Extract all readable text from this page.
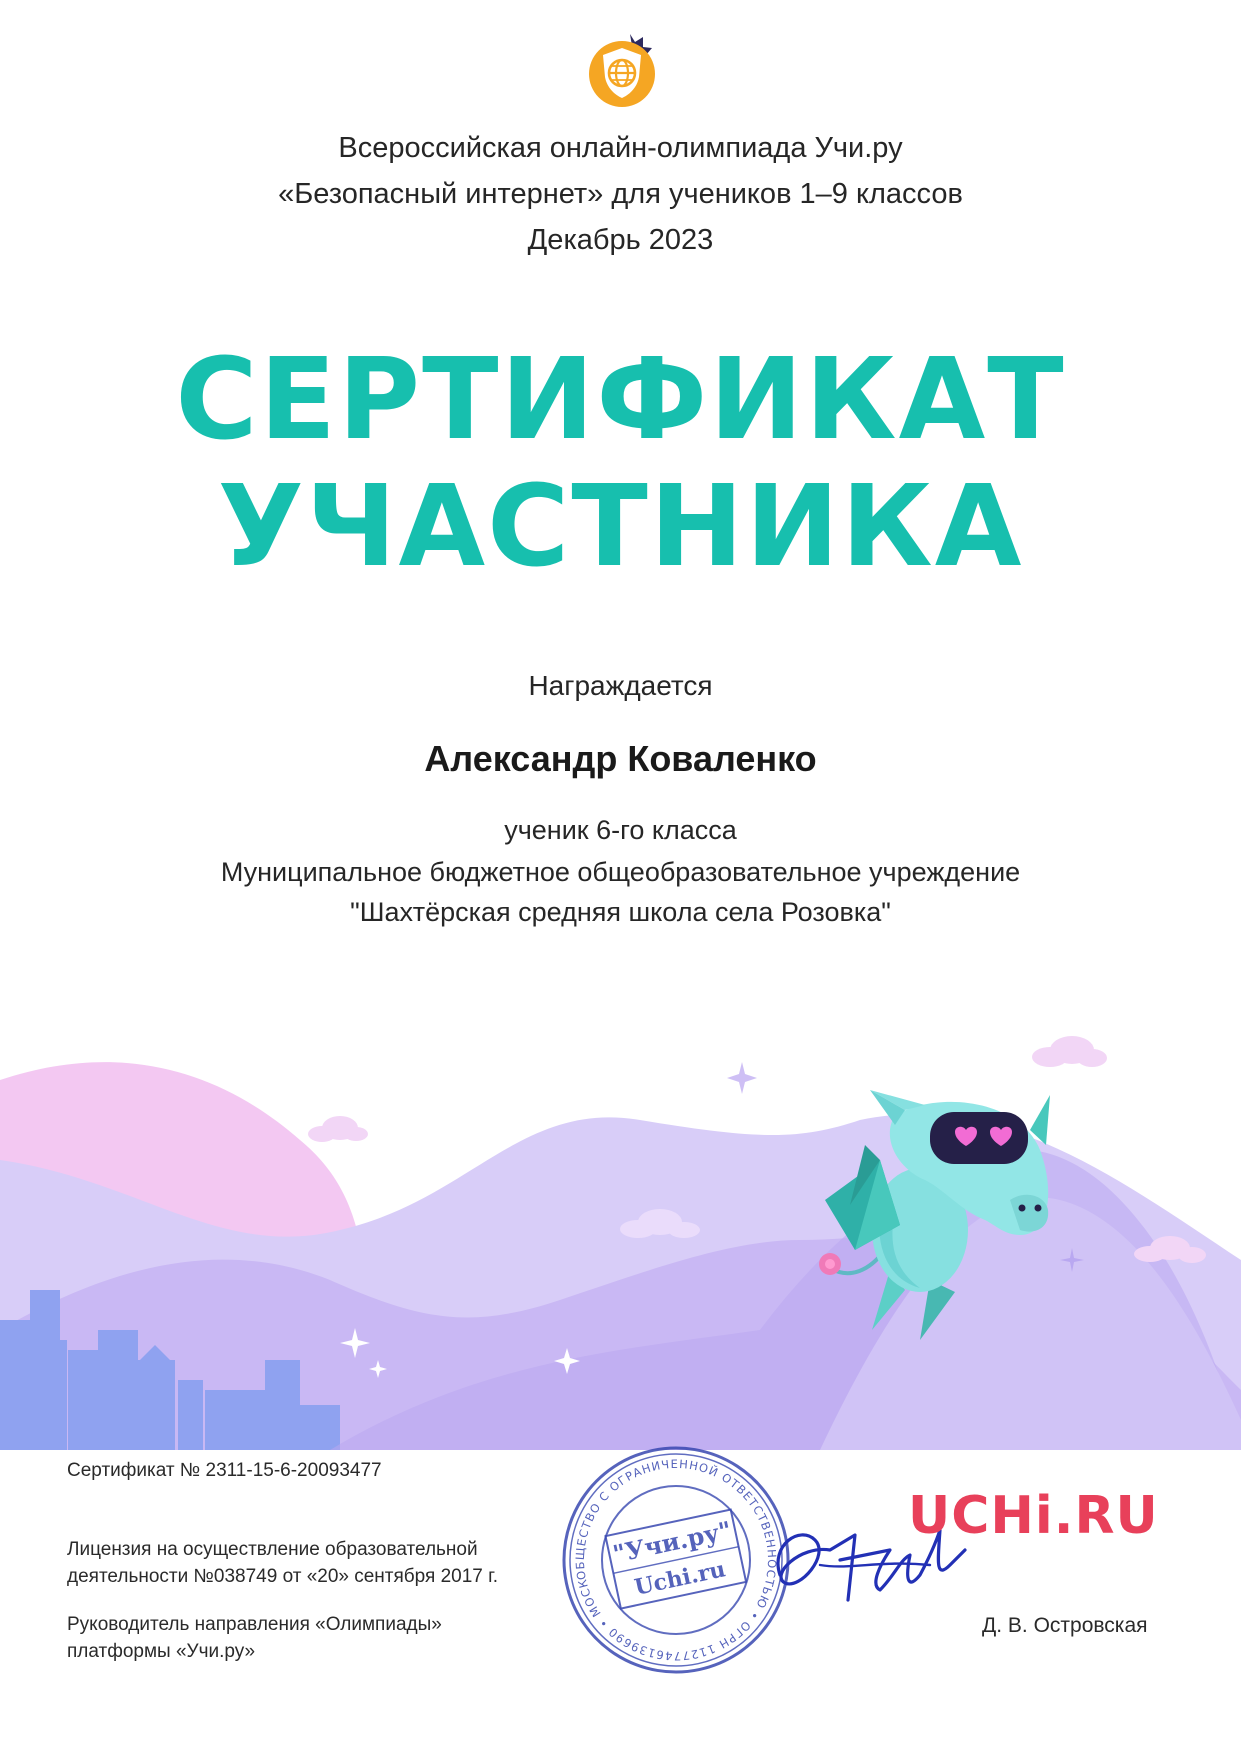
Всероссийская онлайн-олимпиада Учи.ру
«Безопасный интернет» для учеников 1–9 классов
Декабрь 2023
СЕРТИФИКАТ
УЧАСТНИКА
Награждается
Александр Коваленко
ученик 6-го класса
Муниципальное бюджетное общеобразовательное учреждение
"Шахтёрская средняя школа села Розовка"
Сертификат № 2311-15-6-20093477
Лицензия на осуществление образовательной
деятельности №038749 от «20» сентября 2017 г.
Руководитель направления «Олимпиады»
платформы «Учи.ру»
ОБЩЕСТВО С ОГРАНИЧЕННОЙ ОТВЕТСТВЕННОСТЬЮ • ОГРН 1127746139690 • МОСКВА
"Учи.ру"
Uchi.ru
UCHi.RU
Д. В. Островская
